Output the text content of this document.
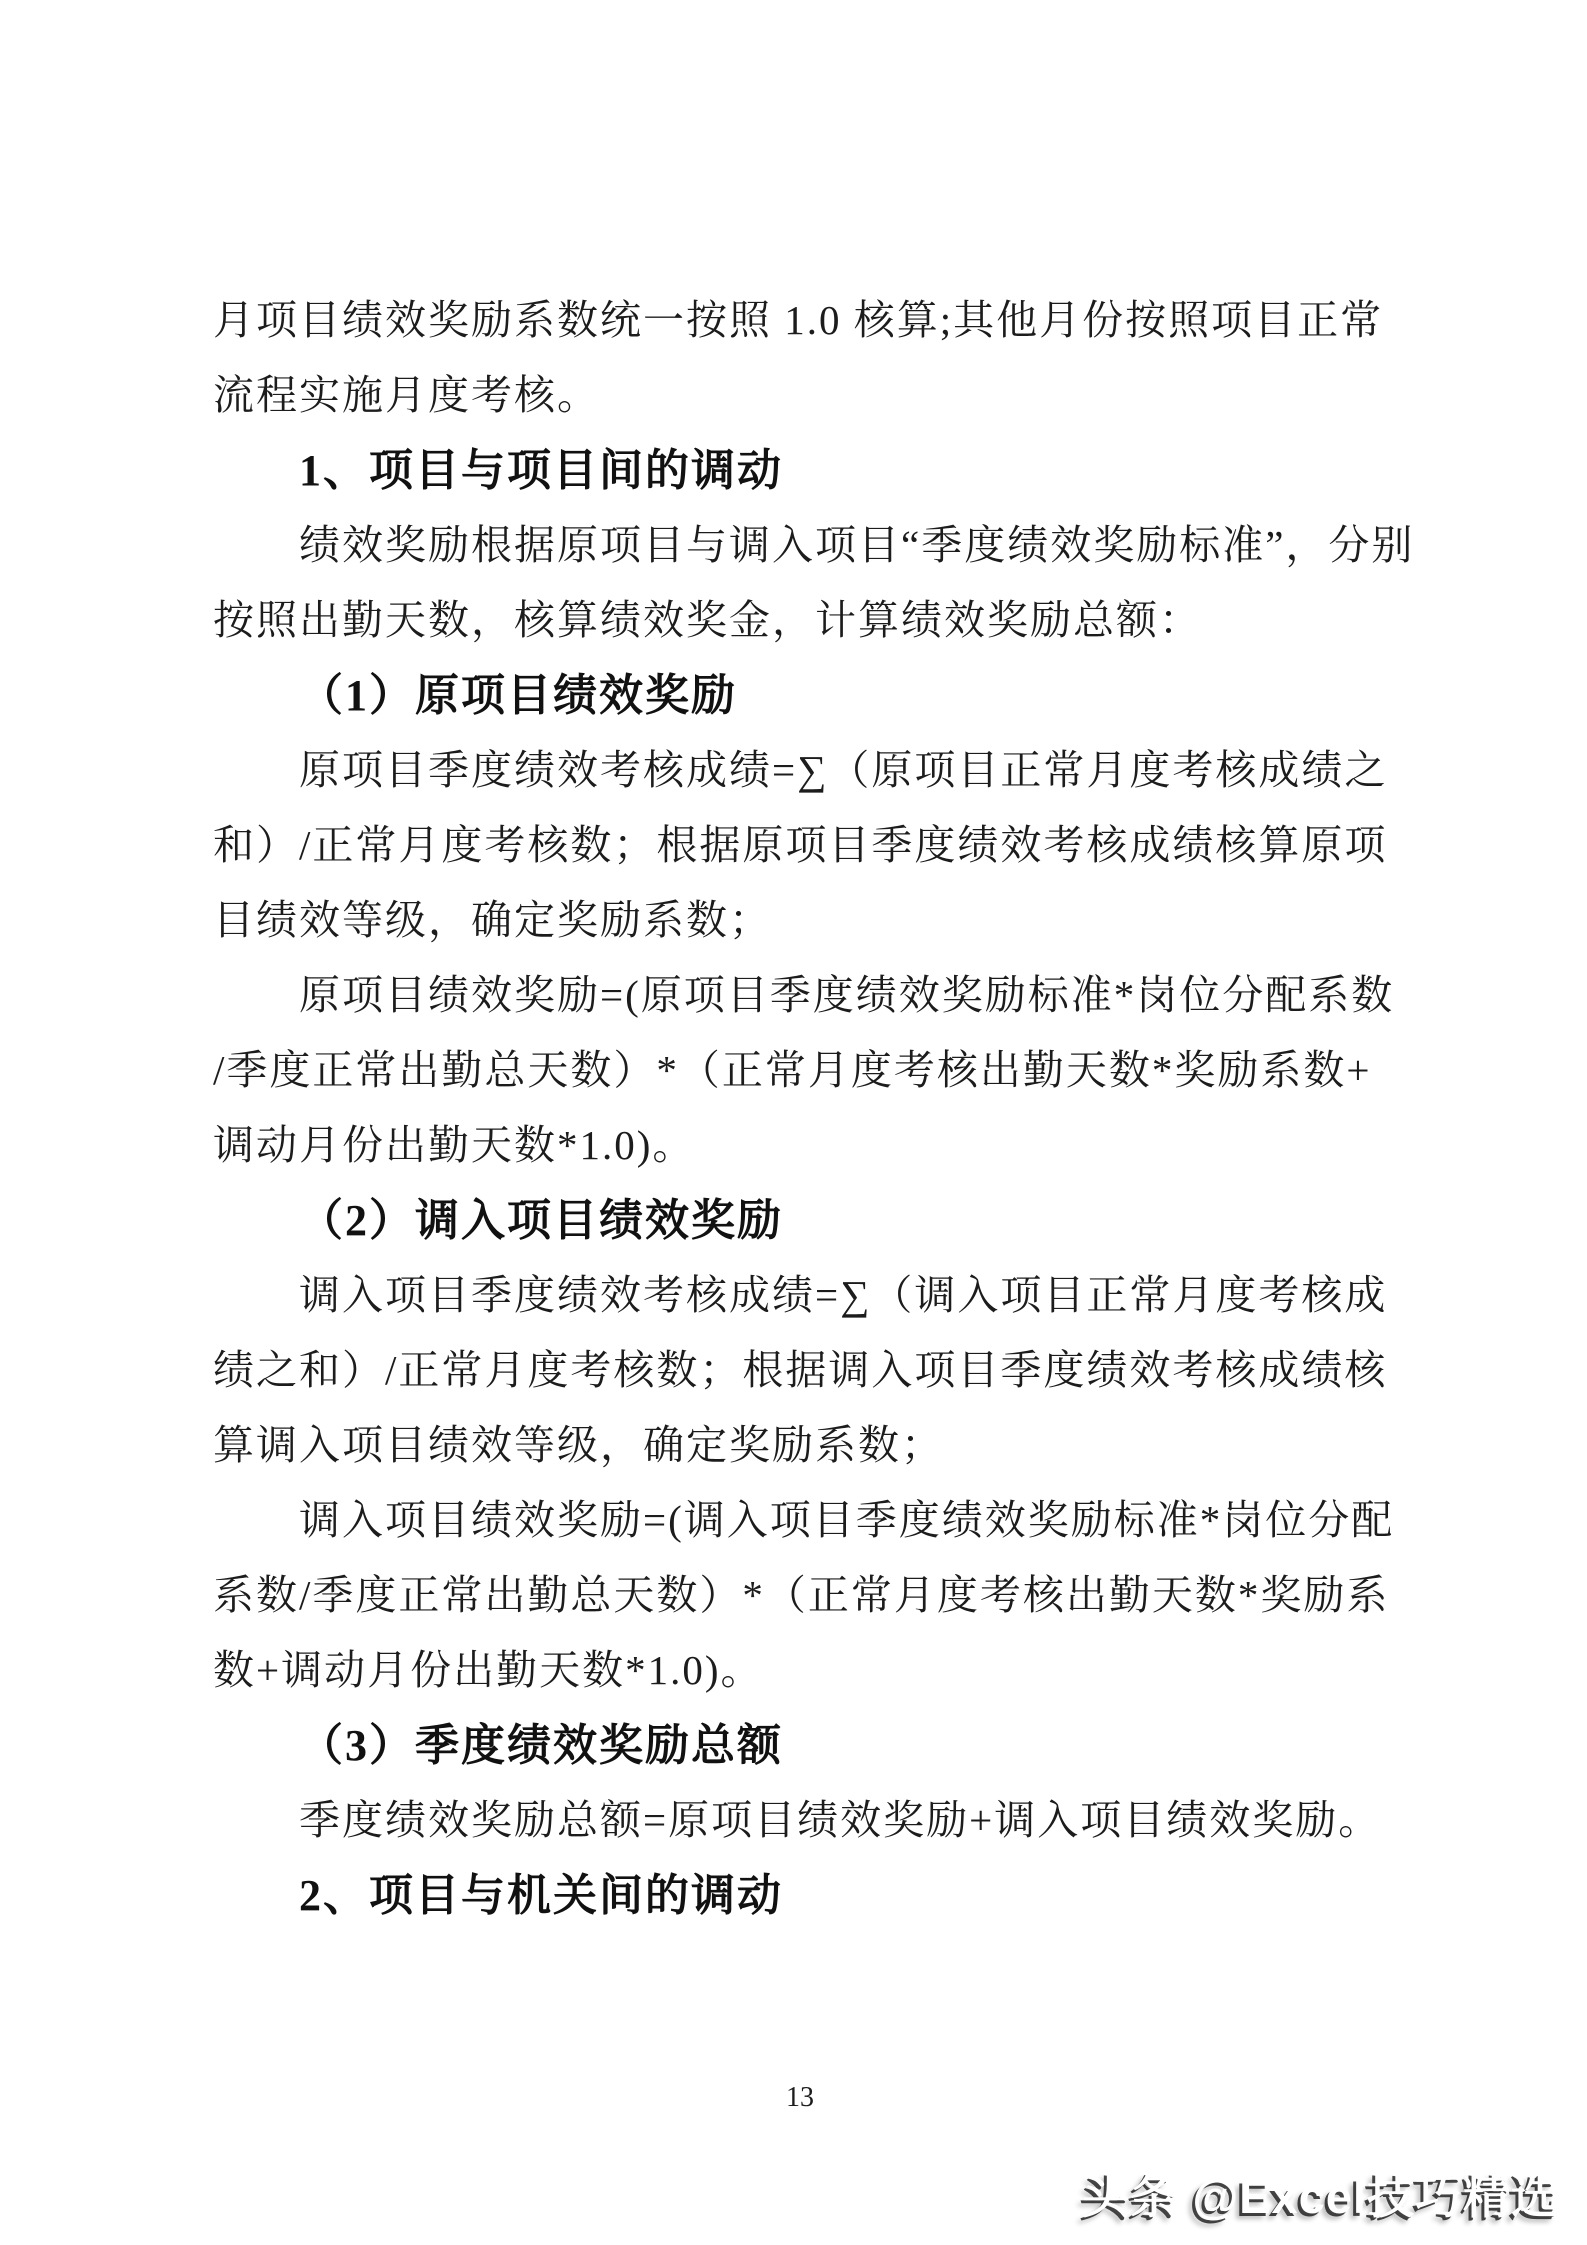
月项目绩效奖励系数统一按照 1.0 核算;其他月份按照项目正常
流程实施月度考核。
1、项目与项目间的调动
绩效奖励根据原项目与调入项目“季度绩效奖励标准”，分别
按照出勤天数，核算绩效奖金，计算绩效奖励总额：
（1）原项目绩效奖励
原项目季度绩效考核成绩=∑（原项目正常月度考核成绩之
和）/正常月度考核数；根据原项目季度绩效考核成绩核算原项
目绩效等级，确定奖励系数；
原项目绩效奖励=(原项目季度绩效奖励标准*岗位分配系数
/季度正常出勤总天数）*（正常月度考核出勤天数*奖励系数+
调动月份出勤天数*1.0)。
（2）调入项目绩效奖励
调入项目季度绩效考核成绩=∑（调入项目正常月度考核成
绩之和）/正常月度考核数；根据调入项目季度绩效考核成绩核
算调入项目绩效等级，确定奖励系数；
调入项目绩效奖励=(调入项目季度绩效奖励标准*岗位分配
系数/季度正常出勤总天数）*（正常月度考核出勤天数*奖励系
数+调动月份出勤天数*1.0)。
（3）季度绩效奖励总额
季度绩效奖励总额=原项目绩效奖励+调入项目绩效奖励。
2、项目与机关间的调动
13
头条 @Excel技巧精选
